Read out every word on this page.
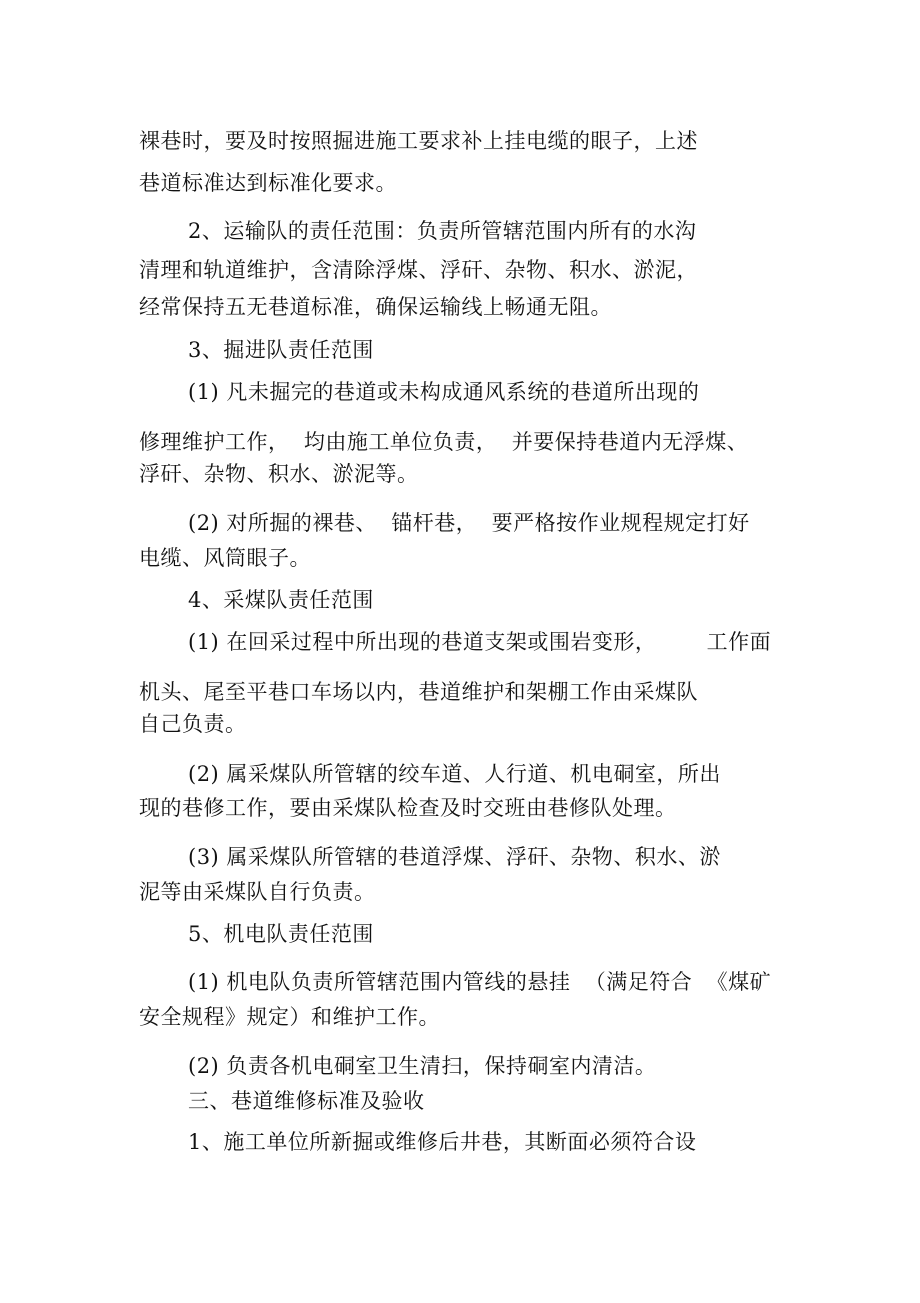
裸巷时，要及时按照掘进施工要求补上挂电缆的眼子，上述

巷道标准达到标准化要求。

2、运输队的责任范围：负责所管辖范围内所有的水沟

清理和轨道维护，含清除浮煤、浮矸、杂物、积水、淤泥，

经常保持五无巷道标准，确保运输线上畅通无阻。

3、掘进队责任范围

(1) 凡未掘完的巷道或未构成通风系统的巷道所出现的

修理维护工作，  均由施工单位负责，  并要保持巷道内无浮煤、

浮矸、杂物、积水、淤泥等。

(2) 对所掘的裸巷、  锚杆巷，  要严格按作业规程规定打好

电缆、风筒眼子。

4、采煤队责任范围

(1) 在回采过程中所出现的巷道支架或围岩变形，       工作面

机头、尾至平巷口车场以内，巷道维护和架棚工作由采煤队

自己负责。

(2) 属采煤队所管辖的绞车道、人行道、机电硐室，所出

现的巷修工作，要由采煤队检查及时交班由巷修队处理。

(3) 属采煤队所管辖的巷道浮煤、浮矸、杂物、积水、淤

泥等由采煤队自行负责。

5、机电队责任范围

(1) 机电队负责所管辖范围内管线的悬挂  （满足符合  《煤矿

安全规程》规定）和维护工作。

(2) 负责各机电硐室卫生清扫，保持硐室内清洁。

三、巷道维修标准及验收

1、施工单位所新掘或维修后井巷，其断面必须符合设
